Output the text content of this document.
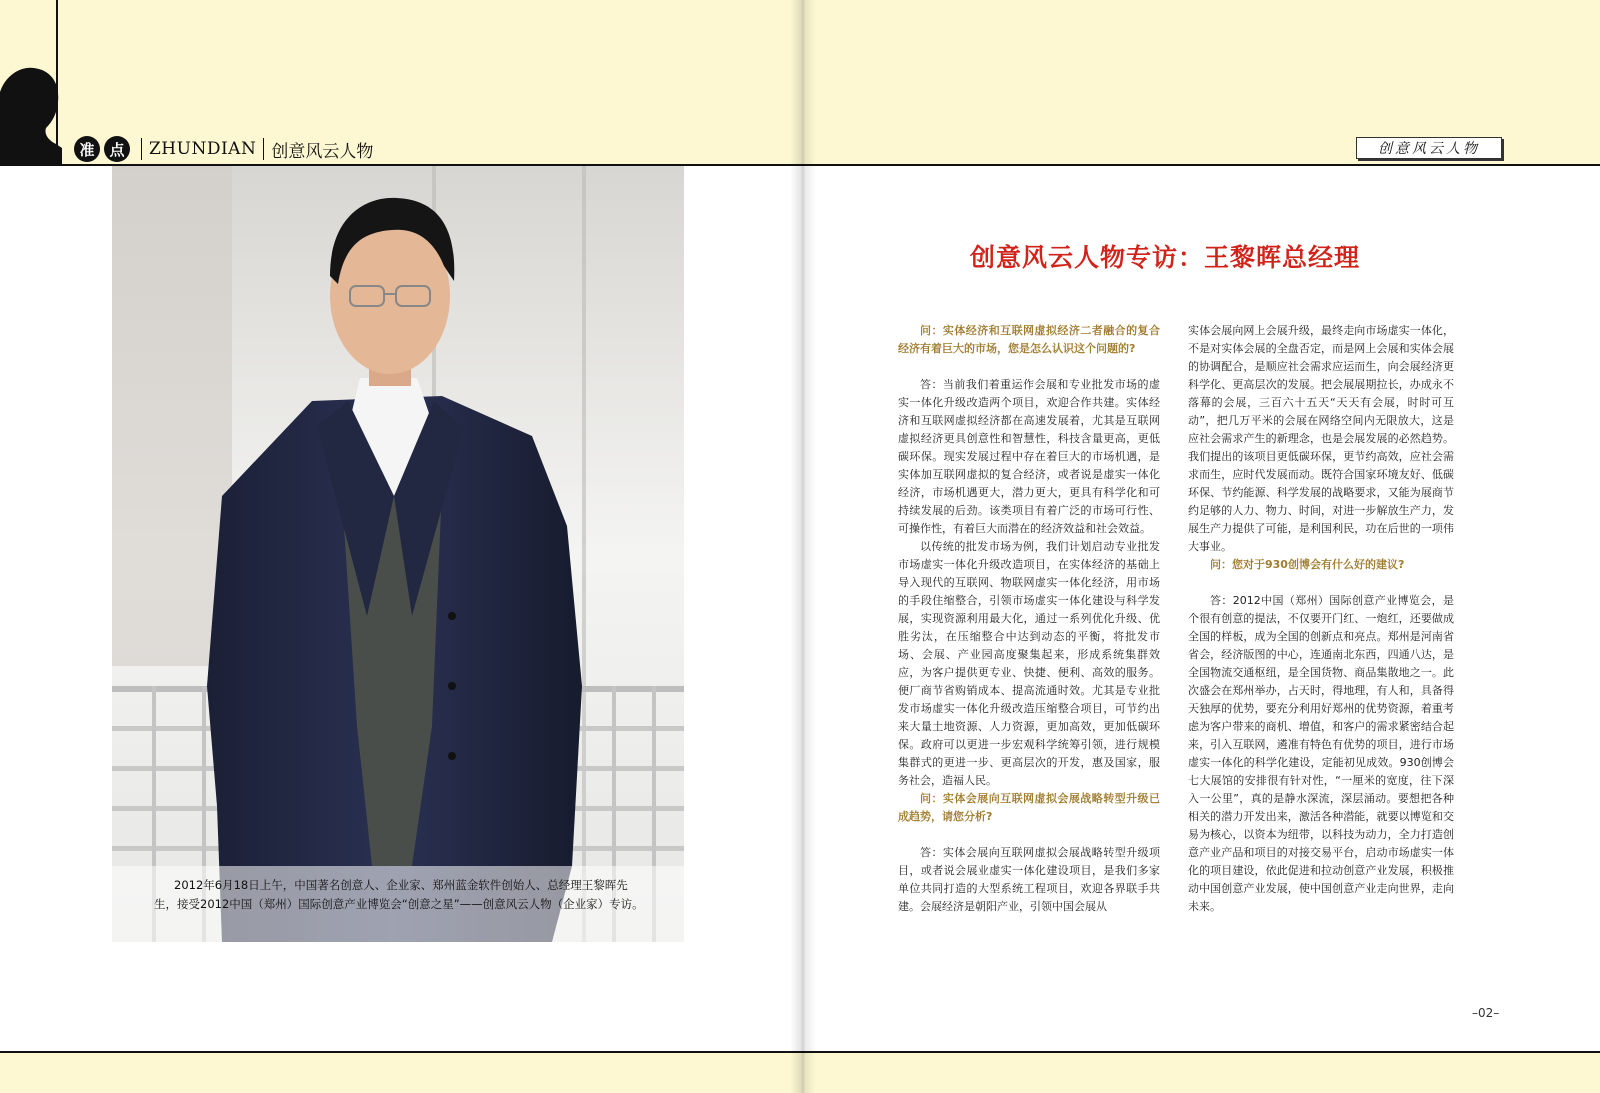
准 点	ZHUNDIAN 创意风云人物	创意风云人物

2012年6月18日上午，中国著名创意人、企业家、郑州蓝金软件创始人、总经理王黎晖先生，接受2012中国（郑州）国际创意产业博览会“创意之星”——创意风云人物（企业家）专访。

创意风云人物专访：王黎晖总经理

问：实体经济和互联网虚拟经济二者融合的复合经济有着巨大的市场，您是怎么认识这个问题的?

答：当前我们着重运作会展和专业批发市场的虚实一体化升级改造两个项目，欢迎合作共建。实体经济和互联网虚拟经济都在高速发展着，尤其是互联网虚拟经济更具创意性和智慧性，科技含量更高，更低碳环保。现实发展过程中存在着巨大的市场机遇，是实体加互联网虚拟的复合经济，或者说是虚实一体化经济，市场机遇更大，潜力更大，更具有科学化和可持续发展的后劲。该类项目有着广泛的市场可行性、可操作性，有着巨大而潜在的经济效益和社会效益。

以传统的批发市场为例，我们计划启动专业批发市场虚实一体化升级改造项目，在实体经济的基础上导入现代的互联网、物联网虚实一体化经济，用市场的手段住缩整合，引领市场虚实一体化建设与科学发展，实现资源利用最大化，通过一系列优化升级、优胜劣汰，在压缩整合中达到动态的平衡，将批发市场、会展、产业园高度聚集起来，形成系统集群效应，为客户提供更专业、快捷、便利、高效的服务。便厂商节省购销成本、提高流通时效。尤其是专业批发市场虚实一体化升级改造压缩整合项目，可节约出来大量土地资源、人力资源，更加高效，更加低碳环保。政府可以更进一步宏观科学统筹引领，进行规模集群式的更进一步、更高层次的开发，惠及国家，服务社会，造福人民。

问：实体会展向互联网虚拟会展战略转型升级已成趋势，请您分析?

答：实体会展向互联网虚拟会展战略转型升级项目，或者说会展业虚实一体化建设项目，是我们多家单位共同打造的大型系统工程项目，欢迎各界联手共建。会展经济是朝阳产业，引领中国会展从

实体会展向网上会展升级，最终走向市场虚实一体化，不是对实体会展的全盘否定，而是网上会展和实体会展的协调配合，是顺应社会需求应运而生，向会展经济更科学化、更高层次的发展。把会展展期拉长，办成永不落幕的会展，三百六十五天“天天有会展，时时可互动”，把几万平米的会展在网络空间内无限放大，这是应社会需求产生的新理念，也是会展发展的必然趋势。我们提出的该项目更低碳环保，更节约高效，应社会需求而生，应时代发展而动。既符合国家环境友好、低碳环保、节约能源、科学发展的战略要求，又能为展商节约足够的人力、物力、时间，对进一步解放生产力，发展生产力提供了可能，是利国利民，功在后世的一项伟大事业。

问：您对于930创博会有什么好的建议?

答：2012中国（郑州）国际创意产业博览会，是个很有创意的提法，不仅要开门红、一炮红，还要做成全国的样板，成为全国的创新点和亮点。郑州是河南省省会，经济版图的中心，连通南北东西，四通八达，是全国物流交通枢纽，是全国货物、商品集散地之一。此次盛会在郑州举办，占天时，得地理，有人和，具备得天独厚的优势，要充分利用好郑州的优势资源，着重考虑为客户带来的商机、增值，和客户的需求紧密结合起来，引入互联网，遴准有特色有优势的项目，进行市场虚实一体化的科学化建设，定能初见成效。930创博会七大展馆的安排很有针对性，“一厘米的宽度，往下深入一公里”，真的是静水深流，深层涌动。要想把各种相关的潜力开发出来，激活各种潜能，就要以博览和交易为核心，以资本为纽带，以科技为动力，全力打造创意产业产品和项目的对接交易平台，启动市场虚实一体化的项目建设，依此促进和拉动创意产业发展，积极推动中国创意产业发展，使中国创意产业走向世界，走向未来。

–02–
